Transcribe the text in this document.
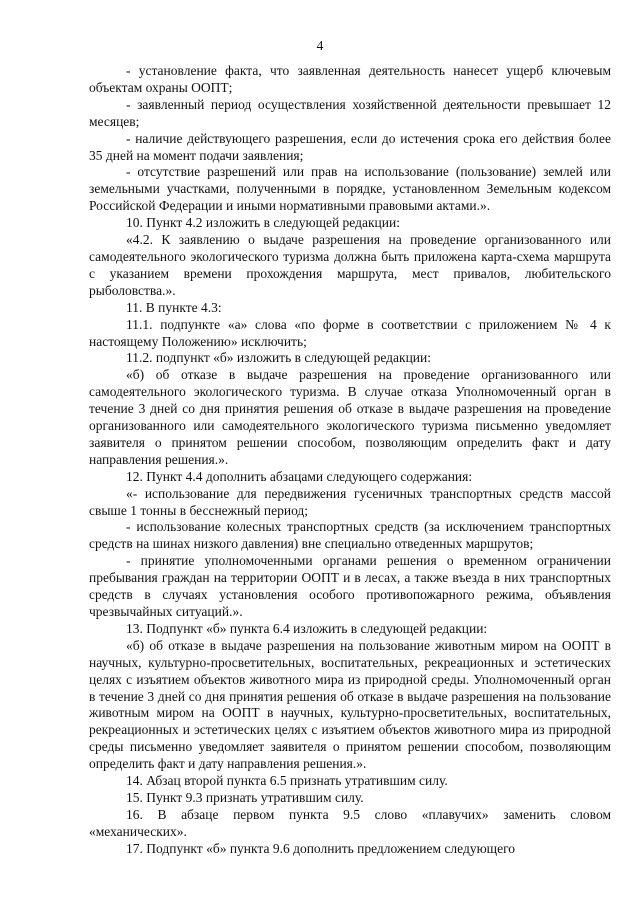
4

- установление факта, что заявленная деятельность нанесет ущерб ключевым объектам охраны ООПТ;

- заявленный период осуществления хозяйственной деятельности превышает 12 месяцев;

- наличие действующего разрешения, если до истечения срока его действия более 35 дней на момент подачи заявления;

- отсутствие разрешений или прав на использование (пользование) землей или земельными участками, полученными в порядке, установленном Земельным кодексом Российской Федерации и иными нормативными правовыми актами.».

10. Пункт 4.2 изложить в следующей редакции:

«4.2. К заявлению о выдаче разрешения на проведение организованного или самодеятельного экологического туризма должна быть приложена карта-схема маршрута с указанием времени прохождения маршрута, мест привалов, любительского рыболовства.».

11. В пункте 4.3:

11.1. подпункте «а» слова «по форме в соответствии с приложением № 4 к настоящему Положению» исключить;

11.2. подпункт «б» изложить в следующей редакции:

«б) об отказе в выдаче разрешения на проведение организованного или самодеятельного экологического туризма. В случае отказа Уполномоченный орган в течение 3 дней со дня принятия решения об отказе в выдаче разрешения на проведение организованного или самодеятельного экологического туризма письменно уведомляет заявителя о принятом решении способом, позволяющим определить факт и дату направления решения.».

12. Пункт 4.4 дополнить абзацами следующего содержания:

«- использование для передвижения гусеничных транспортных средств массой свыше 1 тонны в бесснежный период;

- использование колесных транспортных средств (за исключением транспортных средств на шинах низкого давления) вне специально отведенных маршрутов;

- принятие уполномоченными органами решения о временном ограничении пребывания граждан на территории ООПТ и в лесах, а также въезда в них транспортных средств в случаях установления особого противопожарного режима, объявления чрезвычайных ситуаций.».

13. Подпункт «б» пункта 6.4 изложить в следующей редакции:

«б) об отказе в выдаче разрешения на пользование животным миром на ООПТ в научных, культурно-просветительных, воспитательных, рекреационных и эстетических целях с изъятием объектов животного мира из природной среды. Уполномоченный орган в течение 3 дней со дня принятия решения об отказе в выдаче разрешения на пользование животным миром на ООПТ в научных, культурно-просветительных, воспитательных, рекреационных и эстетических целях с изъятием объектов животного мира из природной среды письменно уведомляет заявителя о принятом решении способом, позволяющим определить факт и дату направления решения.».

14. Абзац второй пункта 6.5 признать утратившим силу.

15. Пункт 9.3 признать утратившим силу.

16. В абзаце первом пункта 9.5 слово «плавучих» заменить словом «механических».

17. Подпункт «б» пункта 9.6 дополнить предложением следующего
